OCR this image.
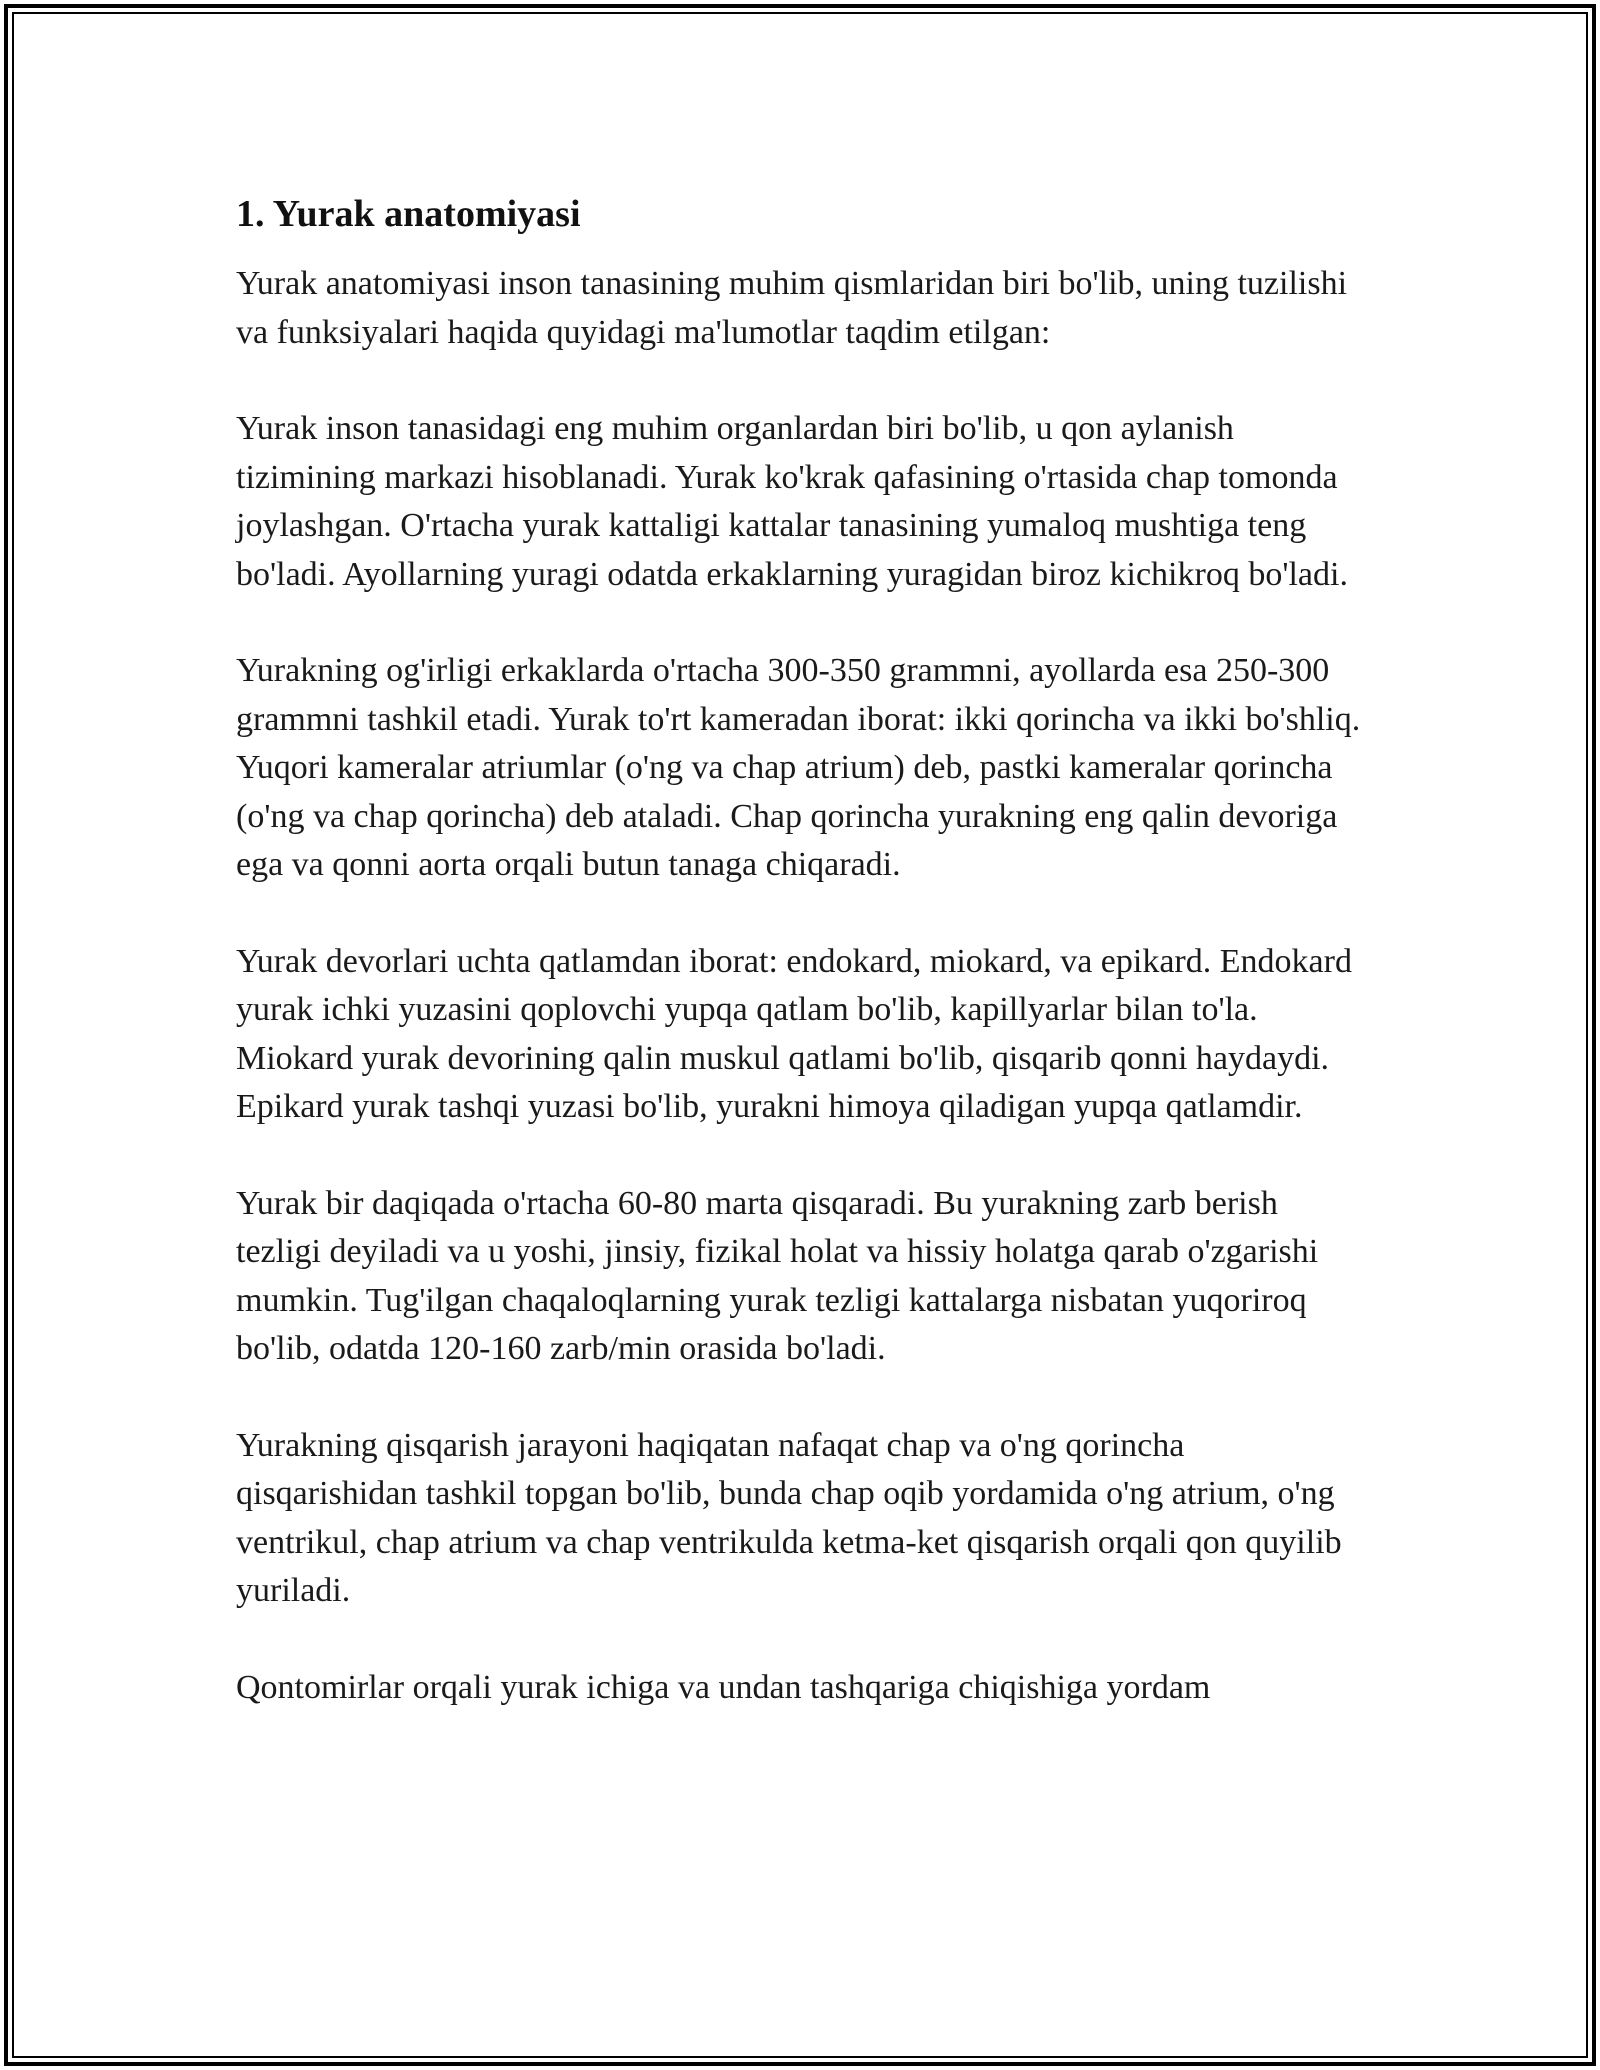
1. Yurak anatomiyasi

Yurak anatomiyasi inson tanasining muhim qismlaridan biri bo'lib, uning tuzilishi va funksiyalari haqida quyidagi ma'lumotlar taqdim etilgan:

Yurak inson tanasidagi eng muhim organlardan biri bo'lib, u qon aylanish tizimining markazi hisoblanadi. Yurak ko'krak qafasining o'rtasida chap tomonda joylashgan. O'rtacha yurak kattaligi kattalar tanasining yumaloq mushtiga teng bo'ladi. Ayollarning yuragi odatda erkaklarning yuragidan biroz kichikroq bo'ladi.

Yurakning og'irligi erkaklarda o'rtacha 300-350 grammni, ayollarda esa 250-300 grammni tashkil etadi. Yurak to'rt kameradan iborat: ikki qorincha va ikki bo'shliq. Yuqori kameralar atriumlar (o'ng va chap atrium) deb, pastki kameralar qorincha (o'ng va chap qorincha) deb ataladi. Chap qorincha yurakning eng qalin devoriga ega va qonni aorta orqali butun tanaga chiqaradi.

Yurak devorlari uchta qatlamdan iborat: endokard, miokard, va epikard. Endokard yurak ichki yuzasini qoplovchi yupqa qatlam bo'lib, kapillyarlar bilan to'la. Miokard yurak devorining qalin muskul qatlami bo'lib, qisqarib qonni haydaydi. Epikard yurak tashqi yuzasi bo'lib, yurakni himoya qiladigan yupqa qatlamdir.

Yurak bir daqiqada o'rtacha 60-80 marta qisqaradi. Bu yurakning zarb berish tezligi deyiladi va u yoshi, jinsiy, fizikal holat va hissiy holatga qarab o'zgarishi mumkin. Tug'ilgan chaqaloqlarning yurak tezligi kattalarga nisbatan yuqoriroq bo'lib, odatda 120-160 zarb/min orasida bo'ladi.

Yurakning qisqarish jarayoni haqiqatan nafaqat chap va o'ng qorincha qisqarishidan tashkil topgan bo'lib, bunda chap oqib yordamida o'ng atrium, o'ng ventrikul, chap atrium va chap ventrikulda ketma-ket qisqarish orqali qon quyilib yuriladi.

Qontomirlar orqali yurak ichiga va undan tashqariga chiqishiga yordam
